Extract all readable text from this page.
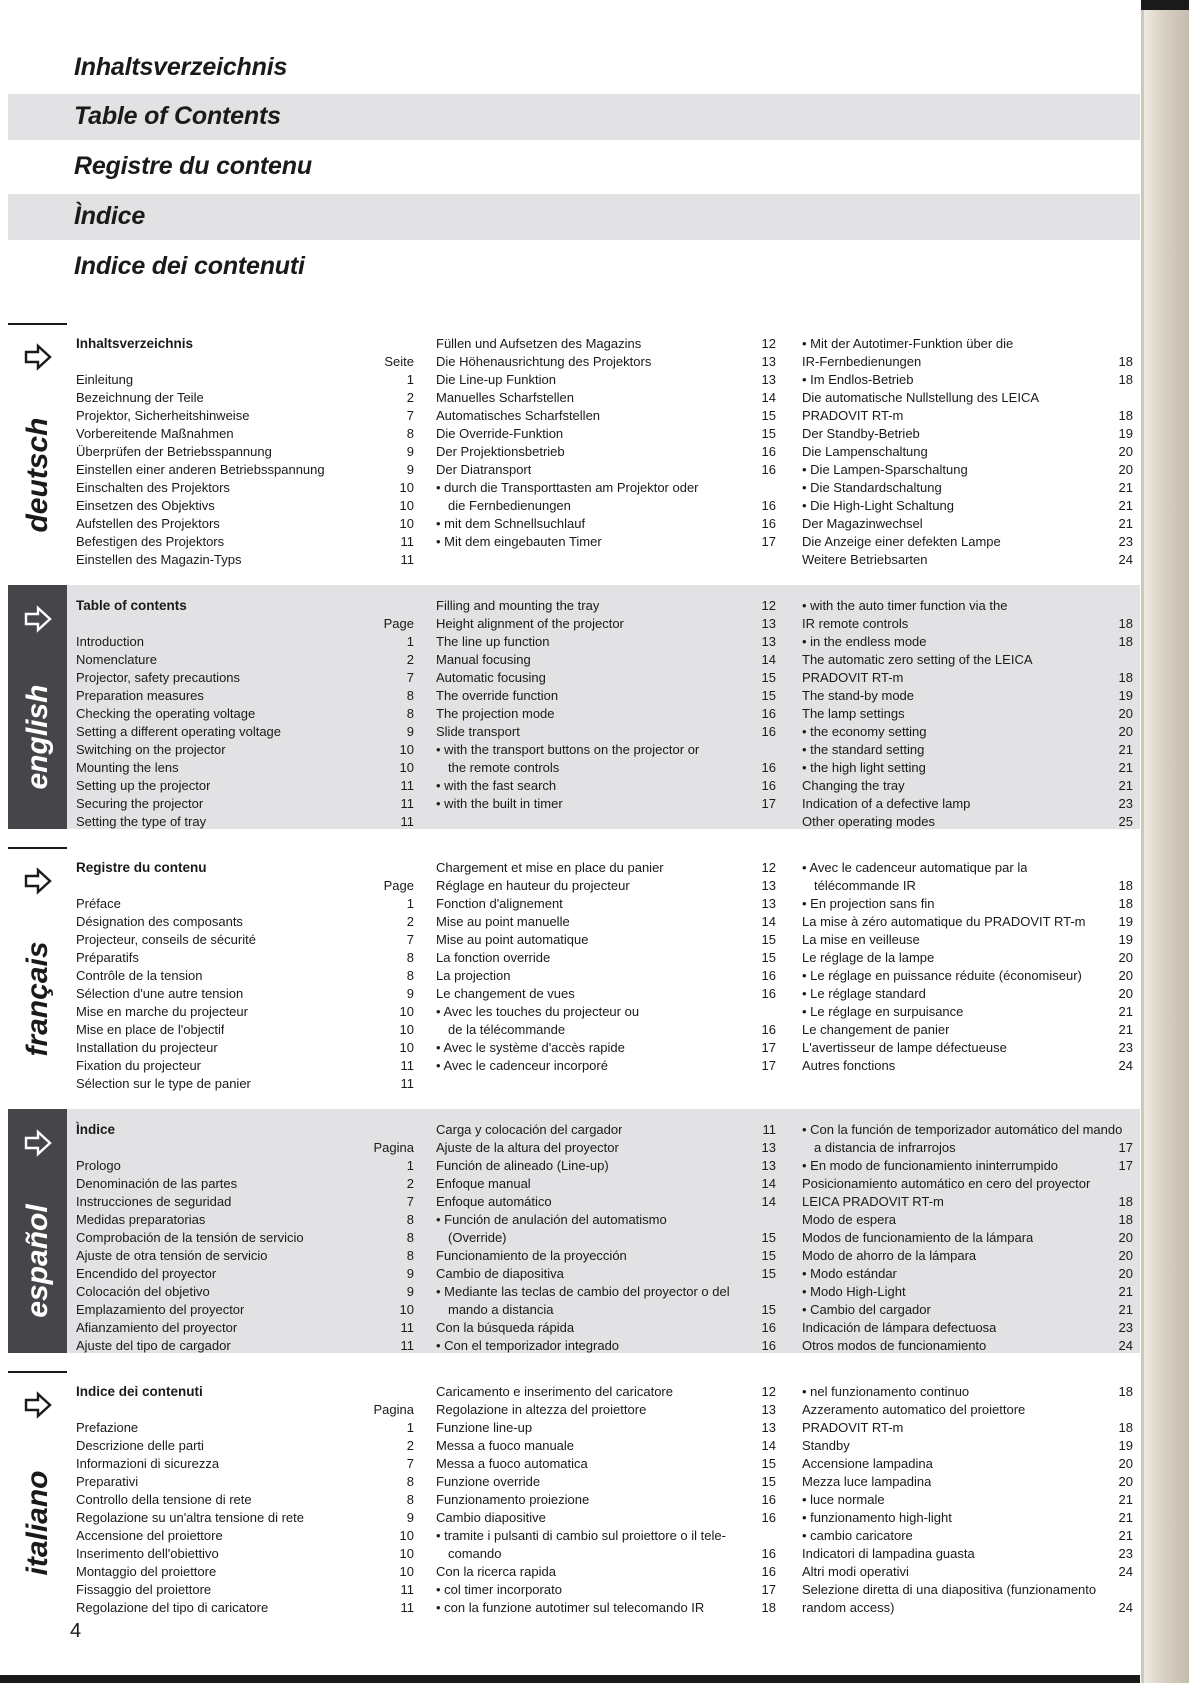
Inhaltsverzeichnis
Table of Contents
Registre du contenu
Ìndice
Indice dei contenuti
deutsch
Inhaltsverzeichnis
Seite
Einleitung	1
Bezeichnung der Teile	2
Projektor, Sicherheitshinweise	7
Vorbereitende Maßnahmen	8
Überprüfen der Betriebsspannung	9
Einstellen einer anderen Betriebsspannung	9
Einschalten des Projektors	10
Einsetzen des Objektivs	10
Aufstellen des Projektors	10
Befestigen des Projektors	11
Einstellen des Magazin-Typs	11
Füllen und Aufsetzen des Magazins	12
Die Höhenausrichtung des Projektors	13
Die Line-up Funktion	13
Manuelles Scharfstellen	14
Automatisches Scharfstellen	15
Die Override-Funktion	15
Der Projektionsbetrieb	16
Der Diatransport	16
• durch die Transporttasten am Projektor oder
die Fernbedienungen	16
• mit dem Schnellsuchlauf	16
• Mit dem eingebauten Timer	17
• Mit der Autotimer-Funktion über die
IR-Fernbedienungen	18
• Im Endlos-Betrieb	18
Die automatische Nullstellung des LEICA
PRADOVIT RT-m	18
Der Standby-Betrieb	19
Die Lampenschaltung	20
• Die Lampen-Sparschaltung	20
• Die Standardschaltung	21
• Die High-Light Schaltung	21
Der Magazinwechsel	21
Die Anzeige einer defekten Lampe	23
Weitere Betriebsarten	24
english
Table of contents
Page
Introduction	1
Nomenclature	2
Projector, safety precautions	7
Preparation measures	8
Checking the operating voltage	8
Setting a different operating voltage	9
Switching on the projector	10
Mounting the lens	10
Setting up the projector	11
Securing the projector	11
Setting the type of tray	11
Filling and mounting the tray	12
Height alignment of the projector	13
The line up function	13
Manual focusing	14
Automatic focusing	15
The override function	15
The projection mode	16
Slide transport	16
• with the transport buttons on the projector or
the remote controls	16
• with the fast search	16
• with the built in timer	17
• with the auto timer function via the
IR remote controls	18
• in the endless mode	18
The automatic zero setting of the LEICA
PRADOVIT RT-m	18
The stand-by mode	19
The lamp settings	20
• the economy setting	20
• the standard setting	21
• the high light setting	21
Changing the tray	21
Indication of a defective lamp	23
Other operating modes	25
français
Registre du contenu
Page
Préface	1
Désignation des composants	2
Projecteur, conseils de sécurité	7
Préparatifs	8
Contrôle de la tension	8
Sélection d'une autre tension	9
Mise en marche du projecteur	10
Mise en place de l'objectif	10
Installation du projecteur	10
Fixation du projecteur	11
Sélection sur le type de panier	11
Chargement et mise en place du panier	12
Réglage en hauteur du projecteur	13
Fonction d'alignement	13
Mise au point manuelle	14
Mise au point automatique	15
La fonction override	15
La projection	16
Le changement de vues	16
• Avec les touches du projecteur ou
de la télécommande	16
• Avec le système d'accès rapide	17
• Avec le cadenceur incorporé	17
• Avec le cadenceur automatique par la
télécommande IR	18
• En projection sans fin	18
La mise à zéro automatique du PRADOVIT RT-m	19
La mise en veilleuse	19
Le réglage de la lampe	20
• Le réglage en puissance réduite (économiseur)	20
• Le réglage standard	20
• Le réglage en surpuisance	21
Le changement de panier	21
L'avertisseur de lampe défectueuse	23
Autres fonctions	24
español
Ìndice
Pagina
Prologo	1
Denominación de las partes	2
Instrucciones de seguridad	7
Medidas preparatorias	8
Comprobación de la tensión de servicio	8
Ajuste de otra tensión de servicio	8
Encendido del proyector	9
Colocación del objetivo	9
Emplazamiento del proyector	10
Afianzamiento del proyector	11
Ajuste del tipo de cargador	11
Carga y colocación del cargador	11
Ajuste de la altura del proyector	13
Función de alineado (Line-up)	13
Enfoque manual	14
Enfoque automático	14
• Función de anulación del automatismo
(Override)	15
Funcionamiento de la proyección	15
Cambio de diapositiva	15
• Mediante las teclas de cambio del proyector o del
mando a distancia	15
Con la búsqueda rápida	16
• Con el temporizador integrado	16
• Con la función de temporizador automático del mando
a distancia de infrarrojos	17
• En modo de funcionamiento ininterrumpido	17
Posicionamiento automático en cero del proyector
LEICA PRADOVIT RT-m	18
Modo de espera	18
Modos de funcionamiento de la lámpara	20
Modo de ahorro de la lámpara	20
• Modo estándar	20
• Modo High-Light	21
• Cambio del cargador	21
Indicación de lámpara defectuosa	23
Otros modos de funcionamiento	24
italiano
Indice dei contenuti
Pagina
Prefazione	1
Descrizione delle parti	2
Informazioni di sicurezza	7
Preparativi	8
Controllo della tensione di rete	8
Regolazione su un'altra tensione di rete	9
Accensione del proiettore	10
Inserimento dell'obiettivo	10
Montaggio del proiettore	10
Fissaggio del proiettore	11
Regolazione del tipo di caricatore	11
Caricamento e inserimento del caricatore	12
Regolazione in altezza del proiettore	13
Funzione line-up	13
Messa a fuoco manuale	14
Messa a fuoco automatica	15
Funzione override	15
Funzionamento proiezione	16
Cambio diapositive	16
• tramite i pulsanti di cambio sul proiettore o il tele-
comando	16
Con la ricerca rapida	16
• col timer incorporato	17
• con la funzione autotimer sul telecomando IR	18
• nel funzionamento continuo	18
Azzeramento automatico del proiettore
PRADOVIT RT-m	18
Standby	19
Accensione lampadina	20
Mezza luce lampadina	20
• luce normale	21
• funzionamento high-light	21
• cambio caricatore	21
Indicatori di lampadina guasta	23
Altri modi operativi	24
Selezione diretta di una diapositiva (funzionamento
random access)	24
4
